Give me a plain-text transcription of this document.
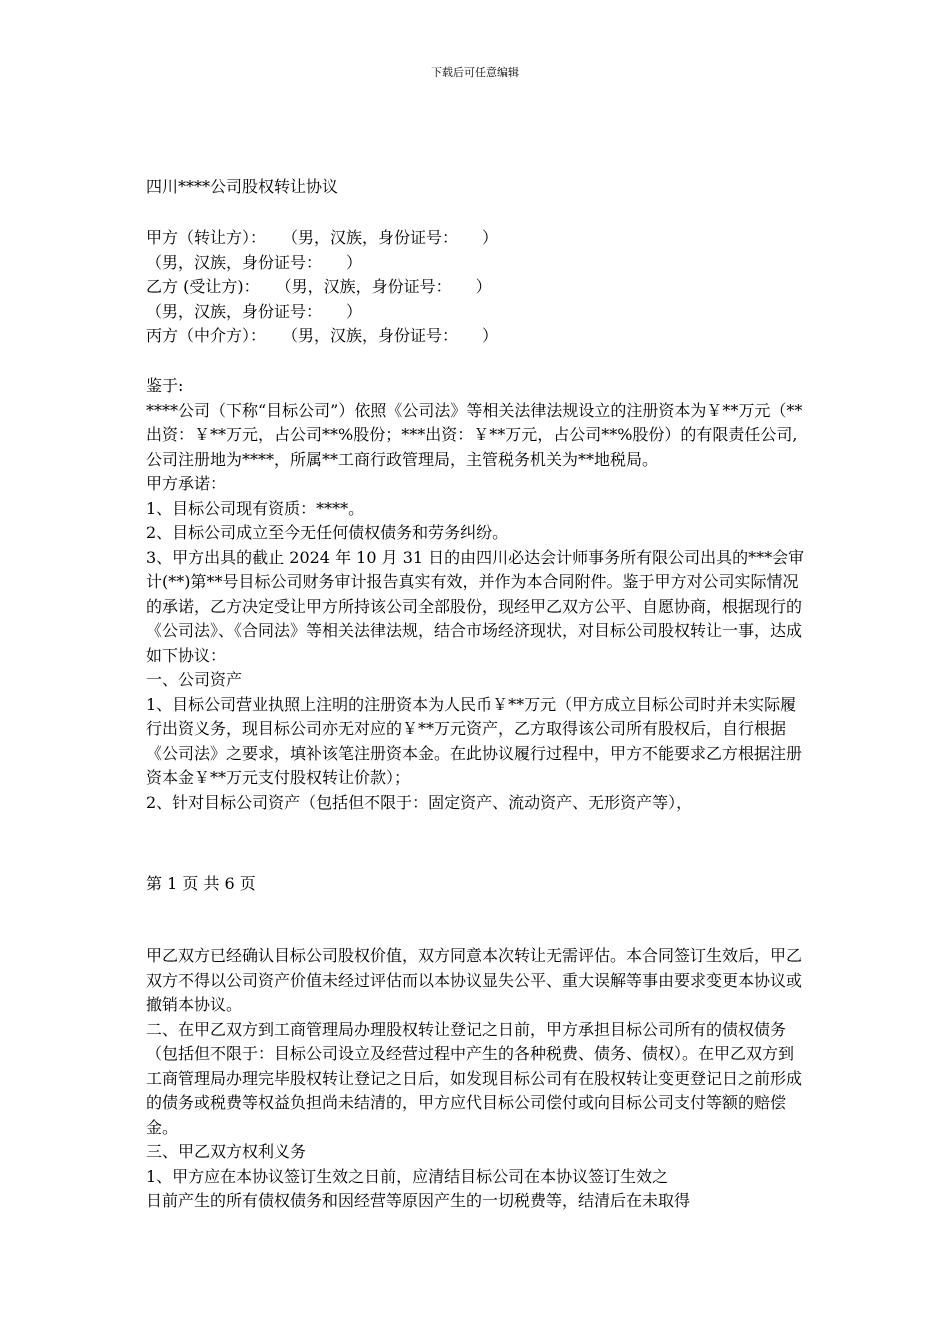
下载后可任意编辑

四川****公司股权转让协议

甲方（转让方）：　　（男，汉族，身份证号：　　）

（男，汉族，身份证号：　　）

乙方 (受让方)：　　（男，汉族，身份证号：　　）

（男，汉族，身份证号：　　）

丙方（中介方）：　　（男，汉族，身份证号：　　）

鉴于:

****公司（下称“目标公司”）依照《公司法》等相关法律法规设立的注册资本为￥**万元（**出资：￥**万元，占公司**%股份；***出资：￥**万元，占公司**%股份）的有限责任公司, 公司注册地为****，所属**工商行政管理局，主管税务机关为**地税局。

甲方承诺：

1、目标公司现有资质：****。

2、目标公司成立至今无任何债权债务和劳务纠纷。

3、甲方出具的截止 2024 年 10 月 31 日的由四川必达会计师事务所有限公司出具的***会审计(**)第**号目标公司财务审计报告真实有效，并作为本合同附件。鉴于甲方对公司实际情况的承诺，乙方决定受让甲方所持该公司全部股份，现经甲乙双方公平、自愿协商，根据现行的《公司法》、《合同法》等相关法律法规，结合市场经济现状，对目标公司股权转让一事，达成如下协议：

一、公司资产

1、目标公司营业执照上注明的注册资本为人民币￥**万元（甲方成立目标公司时并未实际履行出资义务，现目标公司亦无对应的￥**万元资产，乙方取得该公司所有股权后，自行根据《公司法》之要求，填补该笔注册资本金。在此协议履行过程中，甲方不能要求乙方根据注册资本金￥**万元支付股权转让价款）；

2、针对目标公司资产（包括但不限于：固定资产、流动资产、无形资产等），

第 1 页 共 6 页

甲乙双方已经确认目标公司股权价值，双方同意本次转让无需评估。本合同签订生效后，甲乙双方不得以公司资产价值未经过评估而以本协议显失公平、重大误解等事由要求变更本协议或撤销本协议。

二、在甲乙双方到工商管理局办理股权转让登记之日前，甲方承担目标公司所有的债权债务（包括但不限于：目标公司设立及经营过程中产生的各种税费、债务、债权）。在甲乙双方到工商管理局办理完毕股权转让登记之日后，如发现目标公司有在股权转让变更登记日之前形成的债务或税费等权益负担尚未结清的，甲方应代目标公司偿付或向目标公司支付等额的赔偿金。

三、甲乙双方权利义务

1、甲方应在本协议签订生效之日前，应清结目标公司在本协议签订生效之

日前产生的所有债权债务和因经营等原因产生的一切税费等，结清后在未取得
